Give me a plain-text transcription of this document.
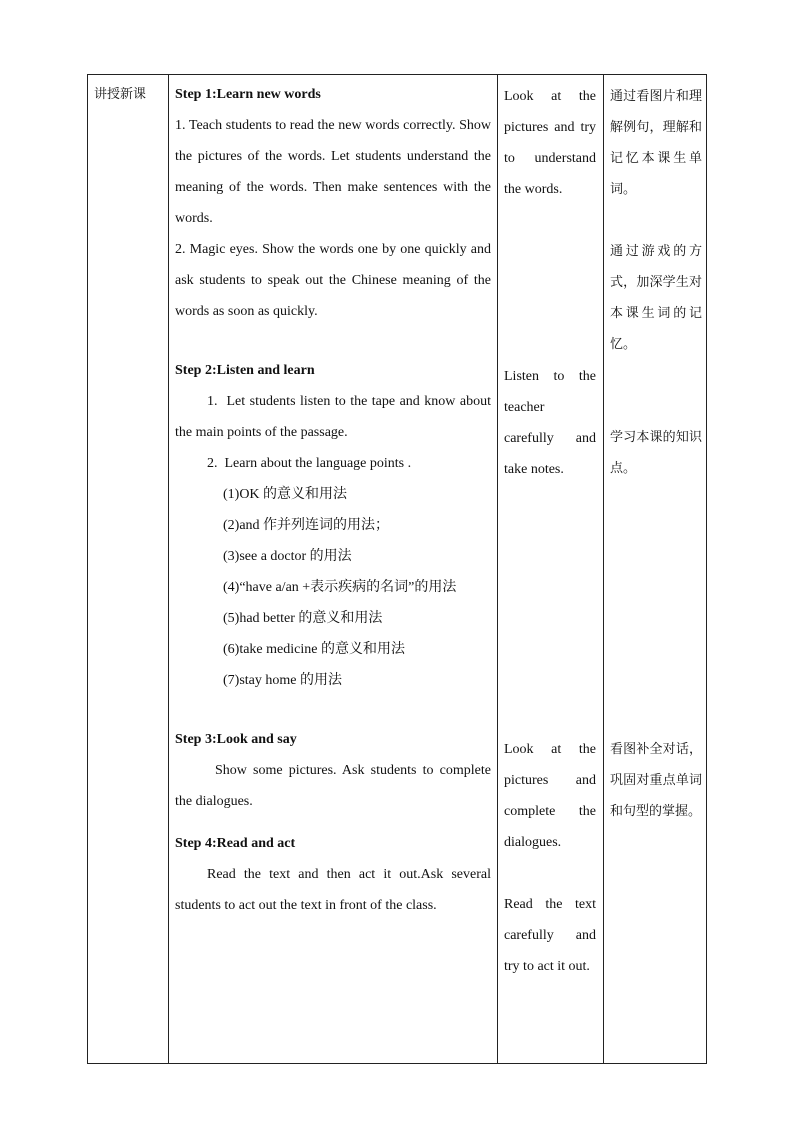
讲授新课	Step 1:Learn new words

1. Teach students to read the new words correctly. Show the pictures of the words. Let students understand the meaning of the words. Then make sentences with the words.

2. Magic eyes. Show the words one by one quickly and ask students to speak out the Chinese meaning of the words as soon as quickly.

Step 2:Listen and learn

1. Let students listen to the tape and know about the main points of the passage.

2. Learn about the language points .

(1)OK 的意义和用法

(2)and 作并列连词的用法；

(3)see a doctor 的用法

(4)“have a/an +表示疾病的名词”的用法

(5)had better 的意义和用法

(6)take medicine 的意义和用法

(7)stay home 的用法

Step 3:Look and say

Show some pictures. Ask students to complete the dialogues.

Step 4:Read and act

Read the text and then act it out.Ask several students to act out the text in front of the class.

Look at the pictures and try to understand the words.

Listen to the teacher carefully and take notes.

Look at the pictures and complete the dialogues.

Read the text carefully and try to act it out.

通过看图片和理解例句，理解和记忆本课生单词。

通过游戏的方式，加深学生对本课生词的记忆。

学习本课的知识点。

看图补全对话，巩固对重点单词和句型的掌握。
